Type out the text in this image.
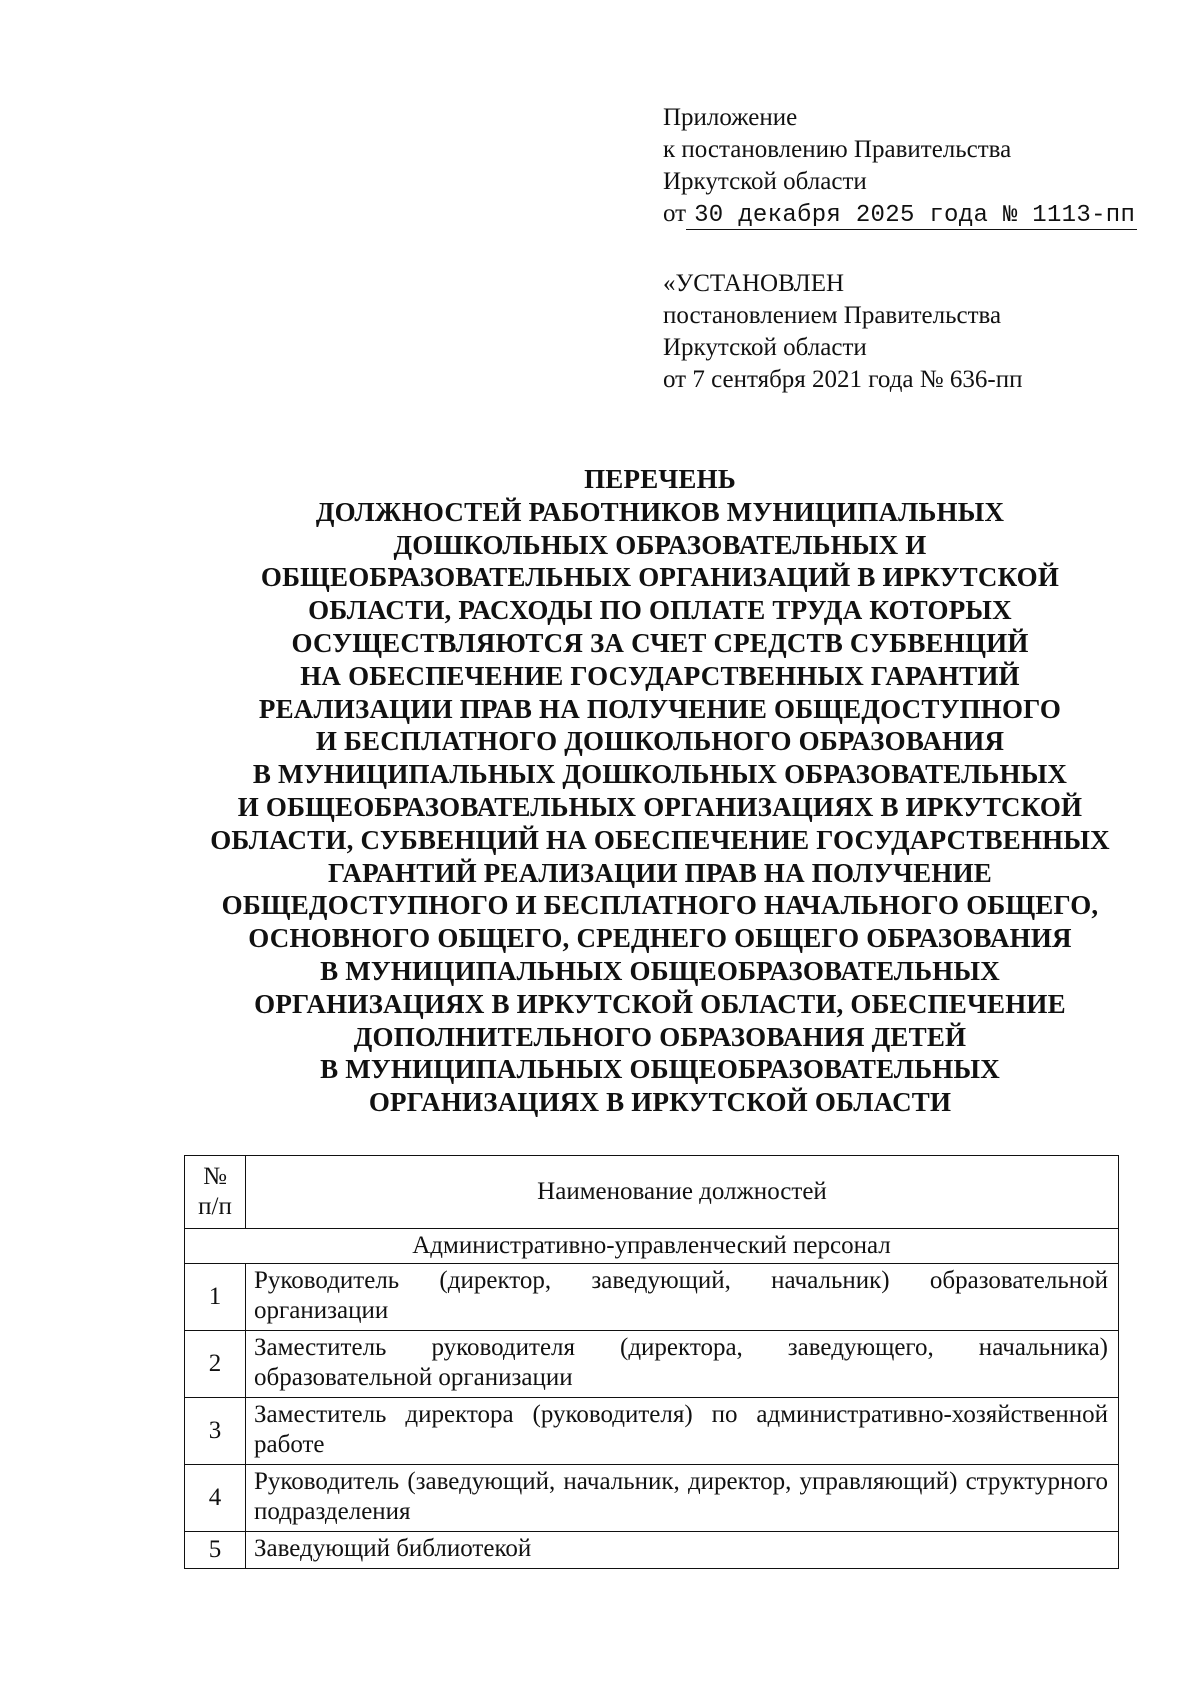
Приложение
к постановлению Правительства
Иркутской области
от 30 декабря 2025 года № 1113-пп
«УСТАНОВЛЕН
постановлением Правительства
Иркутской области
от 7 сентября 2021 года № 636-пп
ПЕРЕЧЕНЬ
ДОЛЖНОСТЕЙ РАБОТНИКОВ МУНИЦИПАЛЬНЫХ
ДОШКОЛЬНЫХ ОБРАЗОВАТЕЛЬНЫХ И
ОБЩЕОБРАЗОВАТЕЛЬНЫХ ОРГАНИЗАЦИЙ В ИРКУТСКОЙ
ОБЛАСТИ, РАСХОДЫ ПО ОПЛАТЕ ТРУДА КОТОРЫХ
ОСУЩЕСТВЛЯЮТСЯ ЗА СЧЕТ СРЕДСТВ СУБВЕНЦИЙ
НА ОБЕСПЕЧЕНИЕ ГОСУДАРСТВЕННЫХ ГАРАНТИЙ
РЕАЛИЗАЦИИ ПРАВ НА ПОЛУЧЕНИЕ ОБЩЕДОСТУПНОГО
И БЕСПЛАТНОГО ДОШКОЛЬНОГО ОБРАЗОВАНИЯ
В МУНИЦИПАЛЬНЫХ ДОШКОЛЬНЫХ ОБРАЗОВАТЕЛЬНЫХ
И ОБЩЕОБРАЗОВАТЕЛЬНЫХ ОРГАНИЗАЦИЯХ В ИРКУТСКОЙ
ОБЛАСТИ, СУБВЕНЦИЙ НА ОБЕСПЕЧЕНИЕ ГОСУДАРСТВЕННЫХ
ГАРАНТИЙ РЕАЛИЗАЦИИ ПРАВ НА ПОЛУЧЕНИЕ
ОБЩЕДОСТУПНОГО И БЕСПЛАТНОГО НАЧАЛЬНОГО ОБЩЕГО,
ОСНОВНОГО ОБЩЕГО, СРЕДНЕГО ОБЩЕГО ОБРАЗОВАНИЯ
В МУНИЦИПАЛЬНЫХ ОБЩЕОБРАЗОВАТЕЛЬНЫХ
ОРГАНИЗАЦИЯХ В ИРКУТСКОЙ ОБЛАСТИ, ОБЕСПЕЧЕНИЕ
ДОПОЛНИТЕЛЬНОГО ОБРАЗОВАНИЯ ДЕТЕЙ
В МУНИЦИПАЛЬНЫХ ОБЩЕОБРАЗОВАТЕЛЬНЫХ
ОРГАНИЗАЦИЯХ В ИРКУТСКОЙ ОБЛАСТИ
№
п/п	Наименование должностей
Административно-управленческий персонал	
1	Руководитель (директор, заведующий, начальник) образовательной организации
2	Заместитель руководителя (директора, заведующего, начальника) образовательной организации
3	Заместитель директора (руководителя) по административно-хозяйственной работе
4	Руководитель (заведующий, начальник, директор, управляющий) структурного подразделения
5	Заведующий библиотекой
